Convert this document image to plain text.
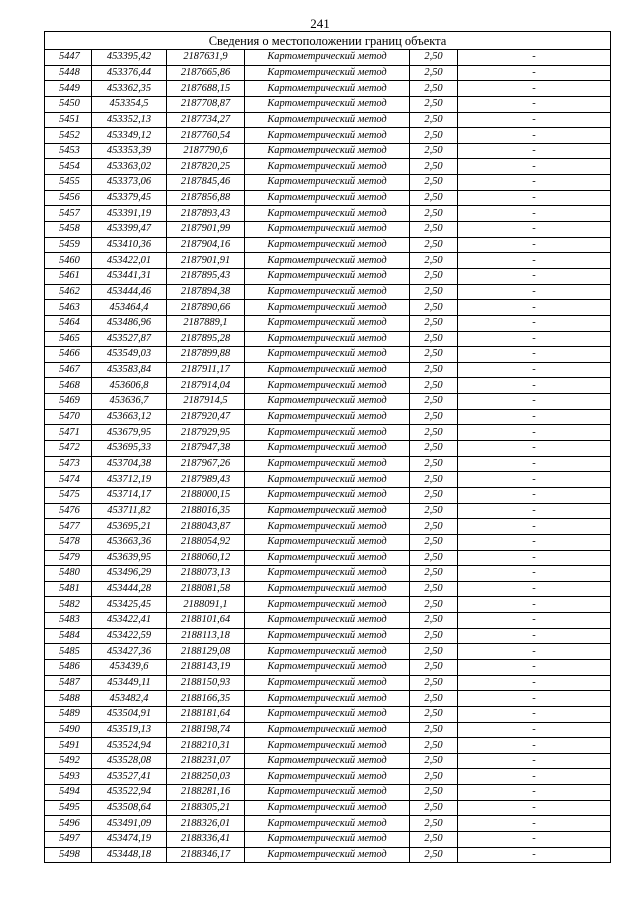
241
Сведения о местоположении границ объекта					
5447	453395,42	2187631,9	Картометрический метод	2,50	-
5448	453376,44	2187665,86	Картометрический метод	2,50	-
5449	453362,35	2187688,15	Картометрический метод	2,50	-
5450	453354,5	2187708,87	Картометрический метод	2,50	-
5451	453352,13	2187734,27	Картометрический метод	2,50	-
5452	453349,12	2187760,54	Картометрический метод	2,50	-
5453	453353,39	2187790,6	Картометрический метод	2,50	-
5454	453363,02	2187820,25	Картометрический метод	2,50	-
5455	453373,06	2187845,46	Картометрический метод	2,50	-
5456	453379,45	2187856,88	Картометрический метод	2,50	-
5457	453391,19	2187893,43	Картометрический метод	2,50	-
5458	453399,47	2187901,99	Картометрический метод	2,50	-
5459	453410,36	2187904,16	Картометрический метод	2,50	-
5460	453422,01	2187901,91	Картометрический метод	2,50	-
5461	453441,31	2187895,43	Картометрический метод	2,50	-
5462	453444,46	2187894,38	Картометрический метод	2,50	-
5463	453464,4	2187890,66	Картометрический метод	2,50	-
5464	453486,96	2187889,1	Картометрический метод	2,50	-
5465	453527,87	2187895,28	Картометрический метод	2,50	-
5466	453549,03	2187899,88	Картометрический метод	2,50	-
5467	453583,84	2187911,17	Картометрический метод	2,50	-
5468	453606,8	2187914,04	Картометрический метод	2,50	-
5469	453636,7	2187914,5	Картометрический метод	2,50	-
5470	453663,12	2187920,47	Картометрический метод	2,50	-
5471	453679,95	2187929,95	Картометрический метод	2,50	-
5472	453695,33	2187947,38	Картометрический метод	2,50	-
5473	453704,38	2187967,26	Картометрический метод	2,50	-
5474	453712,19	2187989,43	Картометрический метод	2,50	-
5475	453714,17	2188000,15	Картометрический метод	2,50	-
5476	453711,82	2188016,35	Картометрический метод	2,50	-
5477	453695,21	2188043,87	Картометрический метод	2,50	-
5478	453663,36	2188054,92	Картометрический метод	2,50	-
5479	453639,95	2188060,12	Картометрический метод	2,50	-
5480	453496,29	2188073,13	Картометрический метод	2,50	-
5481	453444,28	2188081,58	Картометрический метод	2,50	-
5482	453425,45	2188091,1	Картометрический метод	2,50	-
5483	453422,41	2188101,64	Картометрический метод	2,50	-
5484	453422,59	2188113,18	Картометрический метод	2,50	-
5485	453427,36	2188129,08	Картометрический метод	2,50	-
5486	453439,6	2188143,19	Картометрический метод	2,50	-
5487	453449,11	2188150,93	Картометрический метод	2,50	-
5488	453482,4	2188166,35	Картометрический метод	2,50	-
5489	453504,91	2188181,64	Картометрический метод	2,50	-
5490	453519,13	2188198,74	Картометрический метод	2,50	-
5491	453524,94	2188210,31	Картометрический метод	2,50	-
5492	453528,08	2188231,07	Картометрический метод	2,50	-
5493	453527,41	2188250,03	Картометрический метод	2,50	-
5494	453522,94	2188281,16	Картометрический метод	2,50	-
5495	453508,64	2188305,21	Картометрический метод	2,50	-
5496	453491,09	2188326,01	Картометрический метод	2,50	-
5497	453474,19	2188336,41	Картометрический метод	2,50	-
5498	453448,18	2188346,17	Картометрический метод	2,50	-
